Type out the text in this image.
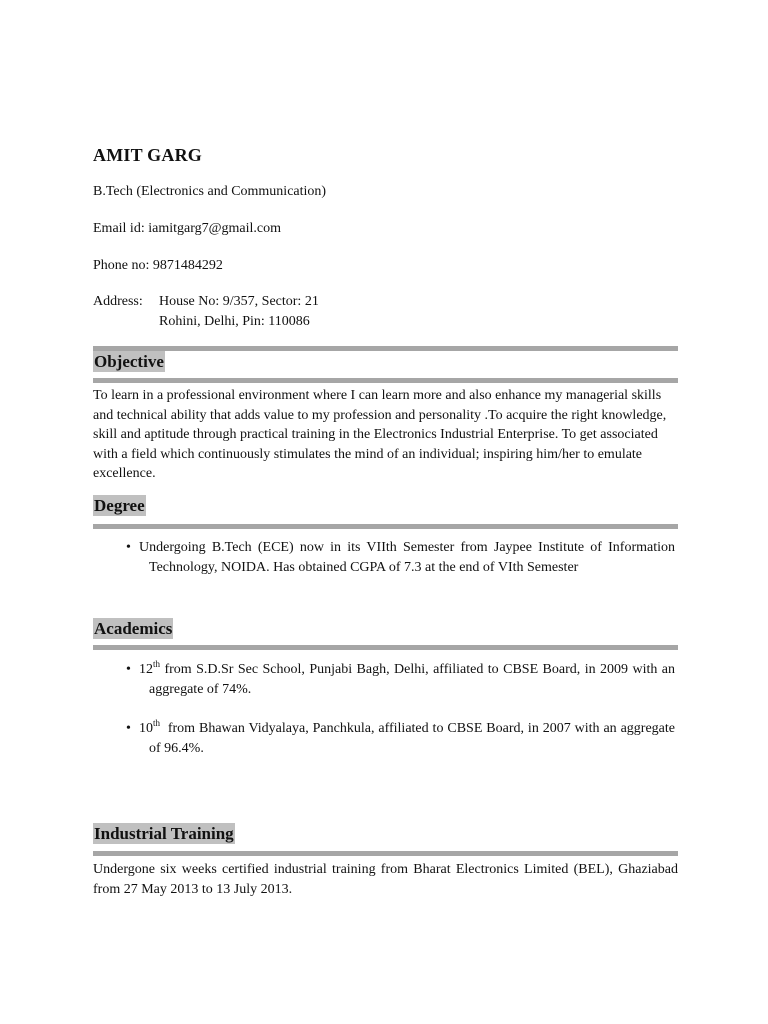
AMIT GARG
B.Tech (Electronics and Communication)
Email id: iamitgarg7@gmail.com
Phone no: 9871484292
Address: House No: 9/357, Sector: 21
Rohini, Delhi, Pin: 110086
Objective
To learn in a professional environment where I can learn more and also enhance my managerial skills and technical ability that adds value to my profession and personality .To acquire the right knowledge, skill and aptitude through practical training in the Electronics Industrial Enterprise. To get associated with a field which continuously stimulates the mind of an individual; inspiring him/her to emulate excellence.
Degree
• Undergoing B.Tech (ECE) now in its VIIth Semester from Jaypee Institute of Information Technology, NOIDA. Has obtained CGPA of 7.3 at the end of VIth Semester
Academics
• 12th from S.D.Sr Sec School, Punjabi Bagh, Delhi, affiliated to CBSE Board, in 2009 with an aggregate of 74%.
• 10th  from Bhawan Vidyalaya, Panchkula, affiliated to CBSE Board, in 2007 with an aggregate of 96.4%.
Industrial Training
Undergone six weeks certified industrial training from Bharat Electronics Limited (BEL), Ghaziabad from 27 May 2013 to 13 July 2013.
